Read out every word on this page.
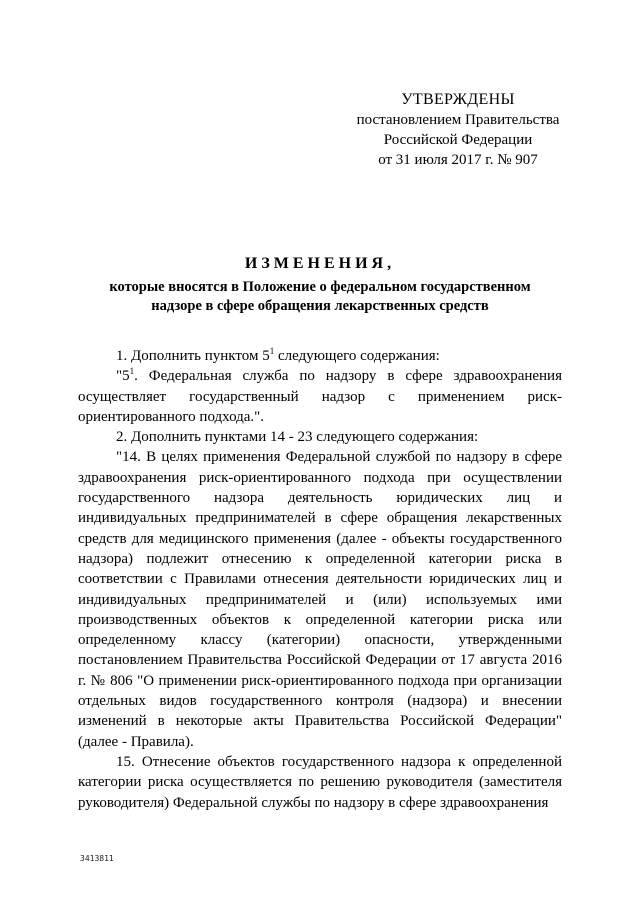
УТВЕРЖДЕНЫ
постановлением Правительства
Российской Федерации
от 31 июля 2017 г. № 907
ИЗМЕНЕНИЯ,
которые вносятся в Положение о федеральном государственном
надзоре в сфере обращения лекарственных средств

1. Дополнить пунктом $5^1$ следующего содержания:

"$5^1$. Федеральная служба по надзору в сфере здравоохранения осуществляет государственный надзор с применением риск-ориентированного подхода.".

2. Дополнить пунктами 14 - 23 следующего содержания:

"14. В целях применения Федеральной службой по надзору в сфере здравоохранения риск-ориентированного подхода при осуществлении государственного надзора деятельность юридических лиц и индивидуальных предпринимателей в сфере обращения лекарственных средств для медицинского применения (далее - объекты государственного надзора) подлежит отнесению к определенной категории риска в соответствии с Правилами отнесения деятельности юридических лиц и индивидуальных предпринимателей и (или) используемых ими производственных объектов к определенной категории риска или определенному классу (категории) опасности, утвержденными постановлением Правительства Российской Федерации от 17 августа 2016 г. № 806 "О применении риск-ориентированного подхода при организации отдельных видов государственного контроля (надзора) и внесении изменений в некоторые акты Правительства Российской Федерации" (далее - Правила).

15. Отнесение объектов государственного надзора к определенной категории риска осуществляется по решению руководителя (заместителя руководителя) Федеральной службы по надзору в сфере здравоохранения

3413811
